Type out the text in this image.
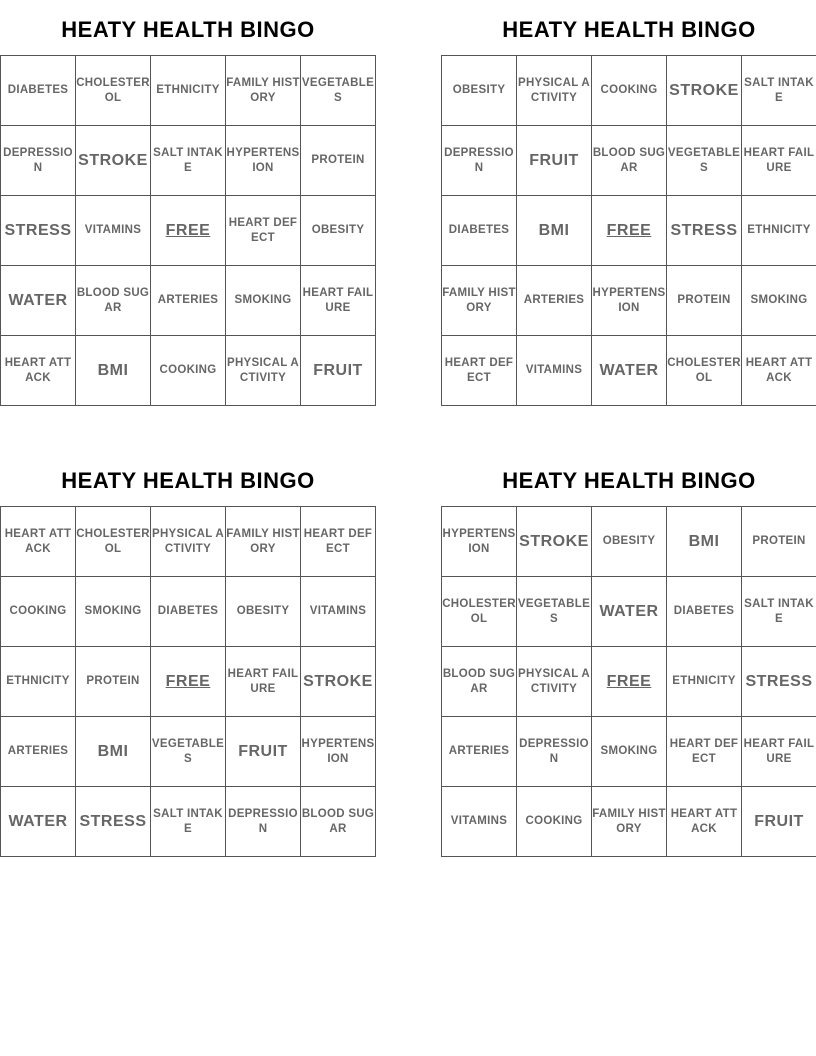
HEATY HEALTH BINGO
DIABETES	CHOLESTEROL	ETHNICITY	FAMILY HISTORY	VEGETABLES
DEPRESSION	STROKE	SALT INTAKE	HYPERTENSION	PROTEIN
STRESS	VITAMINS	FREE	HEART DEFECT	OBESITY
WATER	BLOOD SUGAR	ARTERIES	SMOKING	HEART FAILURE
HEART ATTACK	BMI	COOKING	PHYSICAL ACTIVITY	FRUIT
HEATY HEALTH BINGO
OBESITY	PHYSICAL ACTIVITY	COOKING	STROKE	SALT INTAKE
DEPRESSION	FRUIT	BLOOD SUGAR	VEGETABLES	HEART FAILURE
DIABETES	BMI	FREE	STRESS	ETHNICITY
FAMILY HISTORY	ARTERIES	HYPERTENSION	PROTEIN	SMOKING
HEART DEFECT	VITAMINS	WATER	CHOLESTEROL	HEART ATTACK
HEATY HEALTH BINGO
HEART ATTACK	CHOLESTEROL	PHYSICAL ACTIVITY	FAMILY HISTORY	HEART DEFECT
COOKING	SMOKING	DIABETES	OBESITY	VITAMINS
ETHNICITY	PROTEIN	FREE	HEART FAILURE	STROKE
ARTERIES	BMI	VEGETABLES	FRUIT	HYPERTENSION
WATER	STRESS	SALT INTAKE	DEPRESSION	BLOOD SUGAR
HEATY HEALTH BINGO
HYPERTENSION	STROKE	OBESITY	BMI	PROTEIN
CHOLESTEROL	VEGETABLES	WATER	DIABETES	SALT INTAKE
BLOOD SUGAR	PHYSICAL ACTIVITY	FREE	ETHNICITY	STRESS
ARTERIES	DEPRESSION	SMOKING	HEART DEFECT	HEART FAILURE
VITAMINS	COOKING	FAMILY HISTORY	HEART ATTACK	FRUIT
